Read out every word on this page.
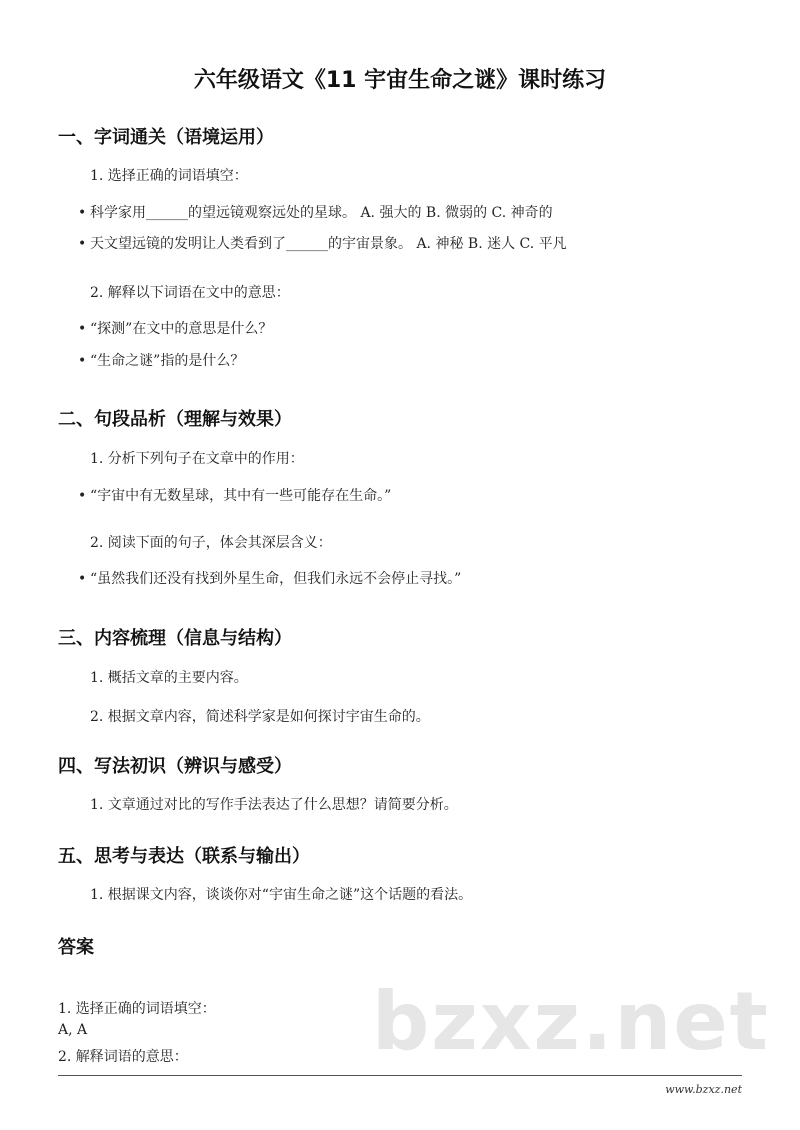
六年级语文《11 宇宙生命之谜》课时练习
一、字词通关（语境运用）
1. 选择正确的词语填空：
• 科学家用______的望远镜观察远处的星球。 A. 强大的 B. 微弱的 C. 神奇的
• 天文望远镜的发明让人类看到了______的宇宙景象。 A. 神秘 B. 迷人 C. 平凡
2. 解释以下词语在文中的意思：
• “探测”在文中的意思是什么？
• “生命之谜”指的是什么？
二、句段品析（理解与效果）
1. 分析下列句子在文章中的作用：
• “宇宙中有无数星球，其中有一些可能存在生命。”
2. 阅读下面的句子，体会其深层含义：
• “虽然我们还没有找到外星生命，但我们永远不会停止寻找。”
三、内容梳理（信息与结构）
1. 概括文章的主要内容。
2. 根据文章内容，简述科学家是如何探讨宇宙生命的。
四、写法初识（辨识与感受）
1. 文章通过对比的写作手法表达了什么思想？请简要分析。
五、思考与表达（联系与输出）
1. 根据课文内容，谈谈你对“宇宙生命之谜”这个话题的看法。
答案
bzxz.net
1. 选择正确的词语填空：
A, A
2. 解释词语的意思：
www.bzxz.net
